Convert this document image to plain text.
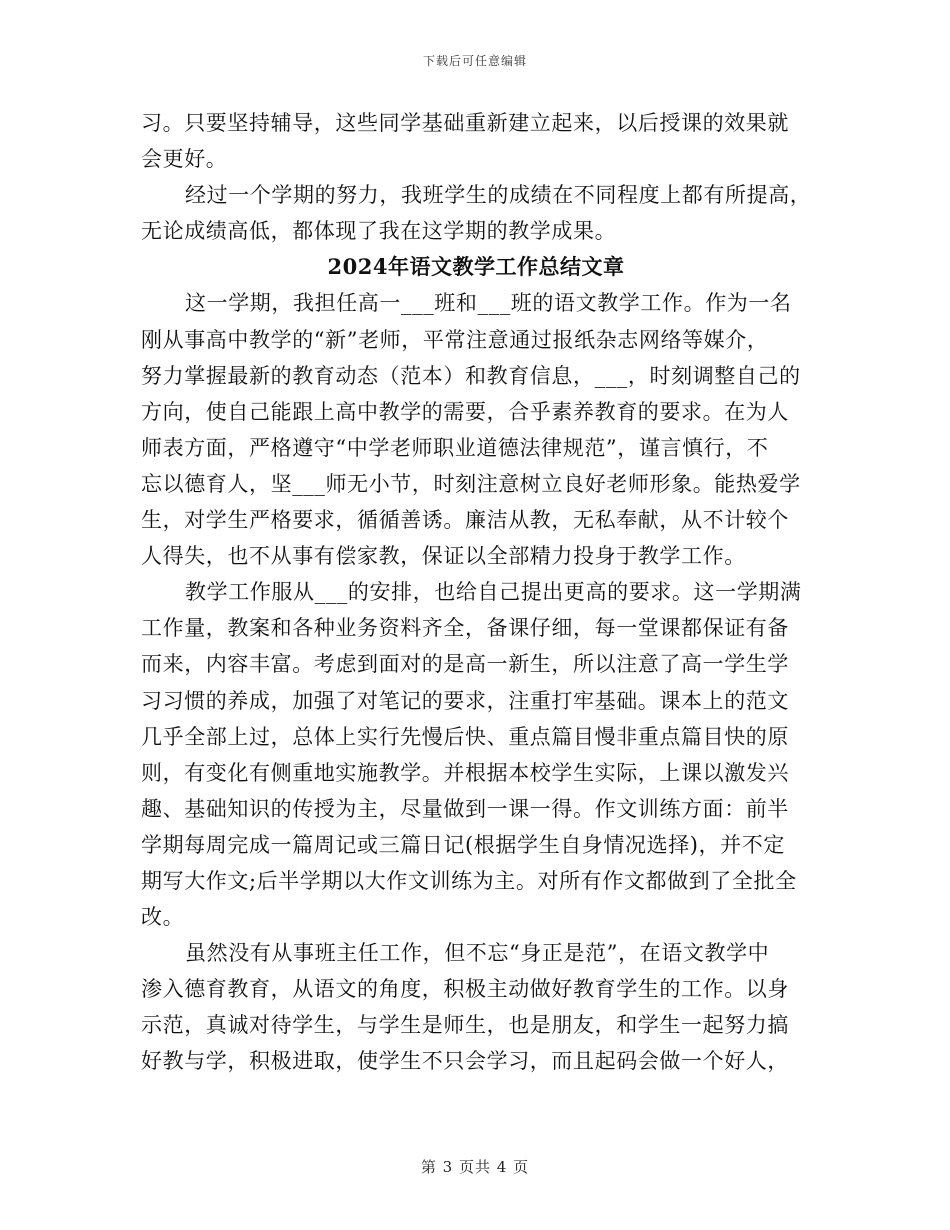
下载后可任意编辑
习。只要坚持辅导，这些同学基础重新建立起来，以后授课的效果就
会更好。
经过一个学期的努力，我班学生的成绩在不同程度上都有所提高，
无论成绩高低，都体现了我在这学期的教学成果。
2024年语文教学工作总结文章
这一学期，我担任高一___班和___班的语文教学工作。作为一名
刚从事高中教学的“新”老师，平常注意通过报纸杂志网络等媒介，
努力掌握最新的教育动态（范本）和教育信息，___，时刻调整自己的
方向，使自己能跟上高中教学的需要，合乎素养教育的要求。在为人
师表方面，严格遵守“中学老师职业道德法律规范”，谨言慎行，不
忘以德育人，坚___师无小节，时刻注意树立良好老师形象。能热爱学
生，对学生严格要求，循循善诱。廉洁从教，无私奉献，从不计较个
人得失，也不从事有偿家教，保证以全部精力投身于教学工作。
教学工作服从___的安排，也给自己提出更高的要求。这一学期满
工作量，教案和各种业务资料齐全，备课仔细，每一堂课都保证有备
而来，内容丰富。考虑到面对的是高一新生，所以注意了高一学生学
习习惯的养成，加强了对笔记的要求，注重打牢基础。课本上的范文
几乎全部上过，总体上实行先慢后快、重点篇目慢非重点篇目快的原
则，有变化有侧重地实施教学。并根据本校学生实际，上课以激发兴
趣、基础知识的传授为主，尽量做到一课一得。作文训练方面：前半
学期每周完成一篇周记或三篇日记(根据学生自身情况选择)，并不定
期写大作文;后半学期以大作文训练为主。对所有作文都做到了全批全
改。
虽然没有从事班主任工作，但不忘“身正是范”，在语文教学中
渗入德育教育，从语文的角度，积极主动做好教育学生的工作。以身
示范，真诚对待学生，与学生是师生，也是朋友，和学生一起努力搞
好教与学，积极进取，使学生不只会学习，而且起码会做一个好人，
第 3 页共 4 页
